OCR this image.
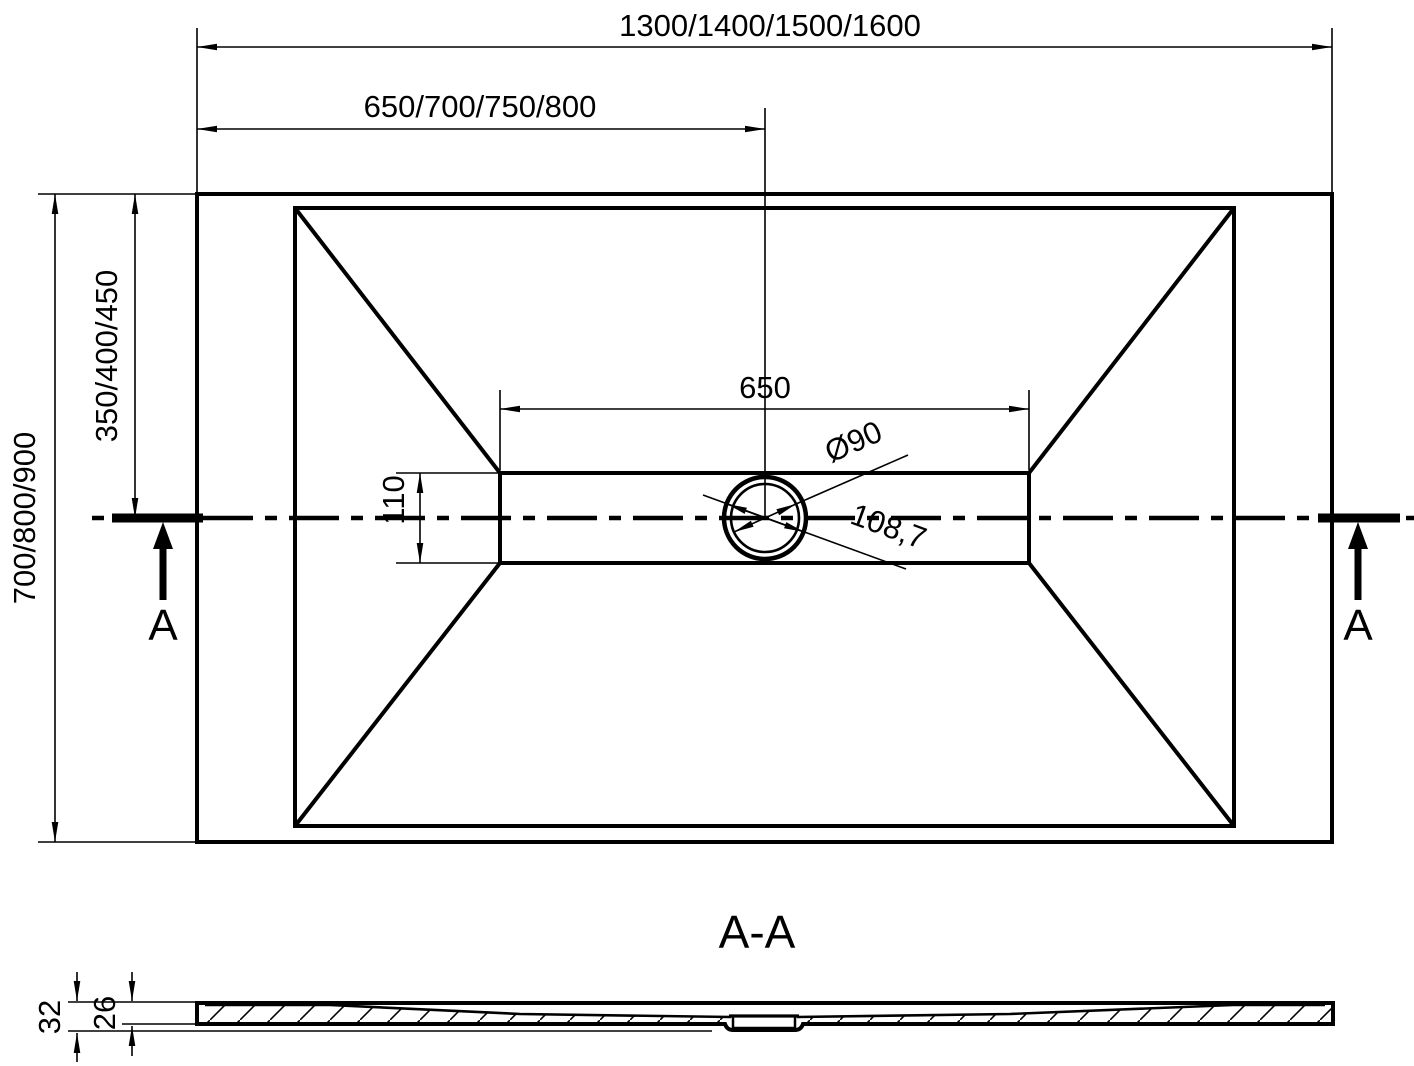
A	A
Ø90
108,7
1300/1400/1500/1600
650/700/750/800
700/800/900
350/400/450	650
110
A-A
32 26
